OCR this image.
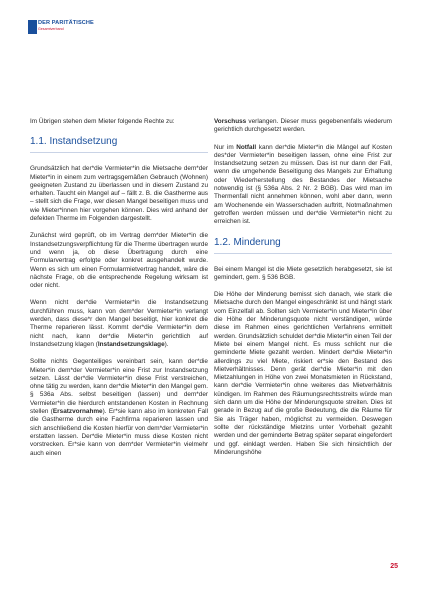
DER PARITÄTISCHE
Gesamtverband

Im Übrigen stehen dem Mieter folgende Rechte zu:

1.1. Instandsetzung

Grundsätzlich hat der*die Vermieter*in die Mietsache dem*der Mieter*in in einem zum vertragsgemäßen Gebrauch (Wohnen) geeigneten Zustand zu überlassen und in diesem Zustand zu erhalten. Taucht ein Mangel auf – fällt z. B. die Gastherme aus – stellt sich die Frage, wer diesen Mangel beseitigen muss und wie Mieter*innen hier vorgehen können. Dies wird anhand der defekten Therme im Folgenden dargestellt.

Zunächst wird geprüft, ob im Vertrag dem*der Mieter*in die Instandsetzungsverpflichtung für die Therme übertragen wurde und wenn ja, ob diese Übertragung durch eine Formularvertrag erfolgte oder konkret ausgehandelt wurde. Wenn es sich um einen Formularmietvertrag handelt, wäre die nächste Frage, ob die entsprechende Regelung wirksam ist oder nicht.

Wenn nicht der*die Vermieter*in die Instandsetzung durchführen muss, kann von dem*der Vermieter*in verlangt werden, dass diese*r den Mangel beseitigt, hier konkret die Therme reparieren lässt. Kommt der*die Vermieter*in dem nicht nach, kann der*die Mieter*in gerichtlich auf Instandsetzung klagen (Instandsetzungsklage).

Sollte nichts Gegenteiliges vereinbart sein, kann der*die Mieter*in dem*der Vermieter*in eine Frist zur Instandsetzung setzen. Lässt der*die Vermieter*in diese Frist verstreichen, ohne tätig zu werden, kann der*die Mieter*in den Mangel gem. § 536a Abs. selbst beseitigen (lassen) und dem*der Vermieter*in die hierdurch entstandenen Kosten in Rechnung stellen (Ersatzvornahme). Er*sie kann also im konkreten Fall die Gastherme durch eine Fachfirma reparieren lassen und sich anschließend die Kosten hierfür von dem*der Vermieter*in erstatten lassen. Der*die Mieter*in muss diese Kosten nicht vorstrecken. Er*sie kann von dem*der Vermieter*in vielmehr auch einen

Vorschuss verlangen. Dieser muss gegebenenfalls wiederum gerichtlich durchgesetzt werden.

Nur im Notfall kann der*die Mieter*in die Mängel auf Kosten des*der Vermieter*in beseitigen lassen, ohne eine Frist zur Instandsetzung setzen zu müssen. Das ist nur dann der Fall, wenn die umgehende Beseitigung des Mangels zur Erhaltung oder Wiederherstellung des Bestandes der Mietsache notwendig ist (§ 536a Abs. 2 Nr. 2 BGB). Das wird man im Thermenfall nicht annehmen können, wohl aber dann, wenn am Wochenende ein Wasserschaden auftritt, Notmaßnahmen getroffen werden müssen und der*die Vermieter*in nicht zu erreichen ist.

1.2. Minderung

Bei einem Mangel ist die Miete gesetzlich herabgesetzt, sie ist gemindert, gem. § 536 BGB.

Die Höhe der Minderung bemisst sich danach, wie stark die Mietsache durch den Mangel eingeschränkt ist und hängt stark vom Einzelfall ab. Sollten sich Vermieter*in und Mieter*in über die Höhe der Minderungsquote nicht verständigen, würde diese im Rahmen eines gerichtlichen Verfahrens ermittelt werden. Grundsätzlich schuldet der*die Mieter*in einen Teil der Miete bei einem Mangel nicht. Es muss schlicht nur die geminderte Miete gezahlt werden. Mindert der*die Mieter*in allerdings zu viel Miete, riskiert er*sie den Bestand des Mietverhältnisses. Denn gerät der*die Mieter*in mit den Mietzahlungen in Höhe von zwei Monatsmieten in Rückstand, kann der*die Vermieter*in ohne weiteres das Mietverhältnis kündigen. Im Rahmen des Räumungsrechtsstreits würde man sich dann um die Höhe der Minderungsquote streiten. Dies ist gerade in Bezug auf die große Bedeutung, die die Räume für Sie als Träger haben, möglichst zu vermeiden. Deswegen sollte der rückständige Mietzins unter Vorbehalt gezahlt werden und der geminderte Betrag später separat eingefordert und ggf. einklagt werden. Haben Sie sich hinsichtlich der Minderungshöhe

25
